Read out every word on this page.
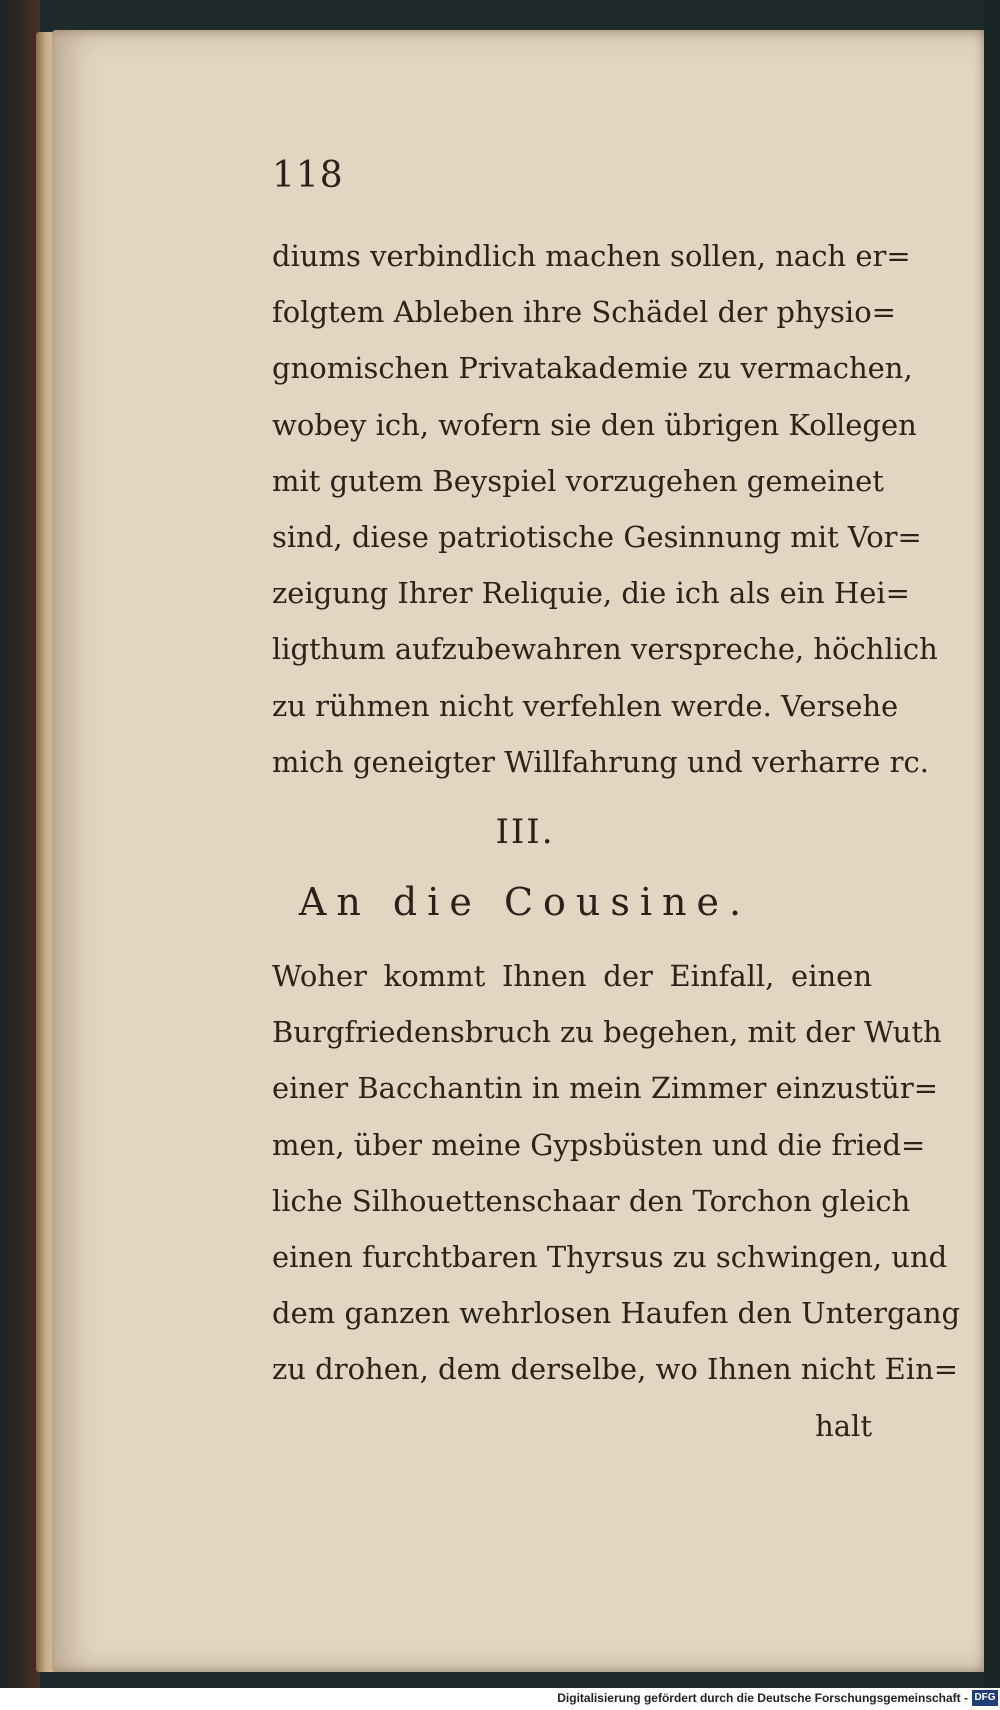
118
diums verbindlich machen sollen, nach er=
folgtem Ableben ihre Schädel der physio=
gnomischen Privatakademie zu vermachen,
wobey ich, wofern sie den übrigen Kollegen
mit gutem Beyspiel vorzugehen gemeinet
sind, diese patriotische Gesinnung mit Vor=
zeigung Ihrer Reliquie, die ich als ein Hei=
ligthum aufzubewahren verspreche, höchlich
zu rühmen nicht verfehlen werde. Versehe
mich geneigter Willfahrung und verharre rc.
III.
An die Cousine.
Woher kommt Ihnen der Einfall, einen
Burgfriedensbruch zu begehen, mit der Wuth
einer Bacchantin in mein Zimmer einzustür=
men, über meine Gypsbüsten und die fried=
liche Silhouettenschaar den Torchon gleich
einen furchtbaren Thyrsus zu schwingen, und
dem ganzen wehrlosen Haufen den Untergang
zu drohen, dem derselbe, wo Ihnen nicht Ein=
halt
Digitalisierung gefördert durch die Deutsche Forschungsgemeinschaft - DFG
